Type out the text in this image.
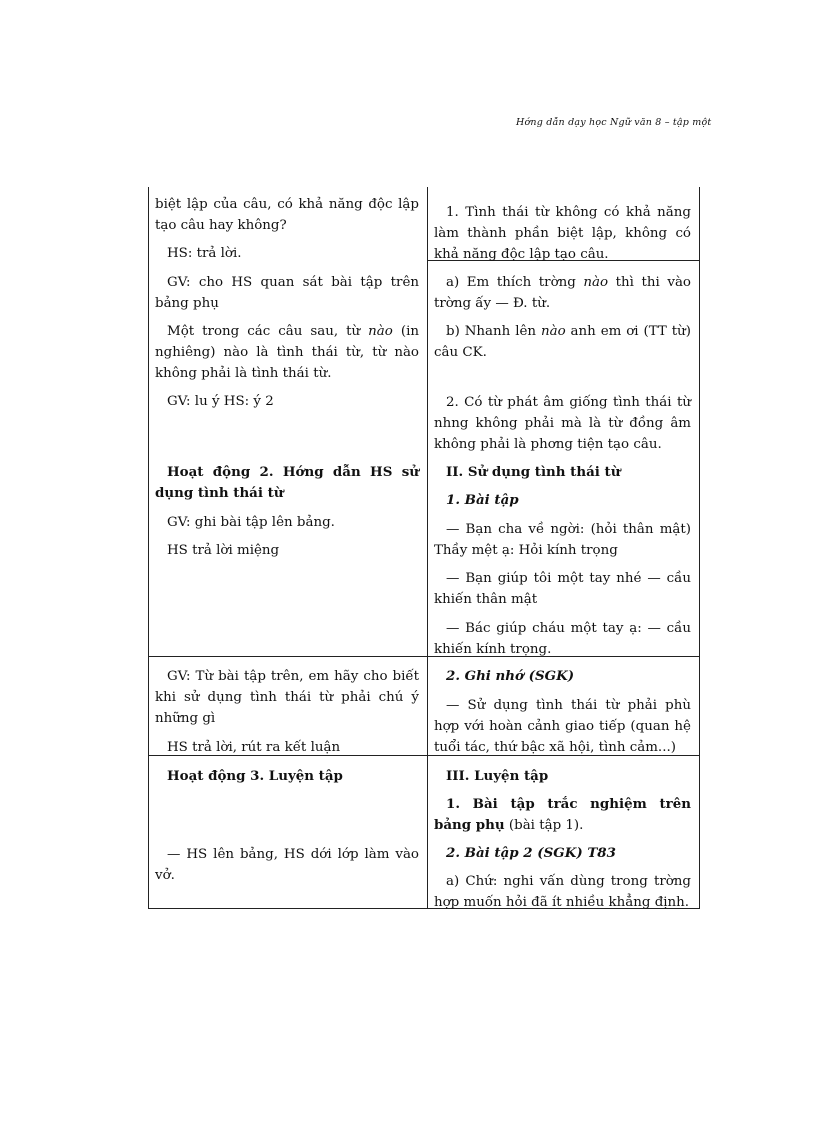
Hớng dẫn dạy học Ngữ văn 8 – tập một

biệt lập của câu, có khả năng độc lập tạo câu hay không?

HS: trả lời.

GV: cho HS quan sát bài tập trên bảng phụ

Một trong các câu sau, từ nào (in nghiêng) nào là tình thái từ, từ nào không phải là tình thái từ.

GV: lu ý HS: ý 2

Hoạt động 2. Hớng dẫn HS sử dụng tình thái từ

GV: ghi bài tập lên bảng.

HS trả lời miệng

GV: Từ bài tập trên, em hãy cho biết khi sử dụng tình thái từ phải chú ý những gì

HS trả lời, rút ra kết luận

Hoạt động 3. Luyện tập

— HS lên bảng, HS dới lớp làm vào vở.

1. Tình thái từ không có khả năng làm thành phần biệt lập, không có khả năng độc lập tạo câu.

a) Em thích trờng nào thì thi vào trờng ấy — Đ. từ.

b) Nhanh lên nào anh em ơi (TT từ) câu CK.

2. Có từ phát âm giống tình thái từ nhng không phải mà là từ đồng âm không phải là phơng tiện tạo câu.

II. Sử dụng tình thái từ

1. Bài tập

— Bạn cha về ngời: (hỏi thân mật) Thầy mệt ạ: Hỏi kính trọng

— Bạn giúp tôi một tay nhé — cầu khiến thân mật

— Bác giúp cháu một tay ạ: — cầu khiến kính trọng.

2. Ghi nhớ (SGK)

— Sử dụng tình thái từ phải phù hợp với hoàn cảnh giao tiếp (quan hệ tuổi tác, thứ bậc xã hội, tình cảm...)

III. Luyện tập

1. Bài tập trắc nghiệm trên bảng phụ (bài tập 1).

2. Bài tập 2 (SGK) T83

a) Chứ: nghi vấn dùng trong trờng hợp muốn hỏi đã ít nhiều khẳng định.
